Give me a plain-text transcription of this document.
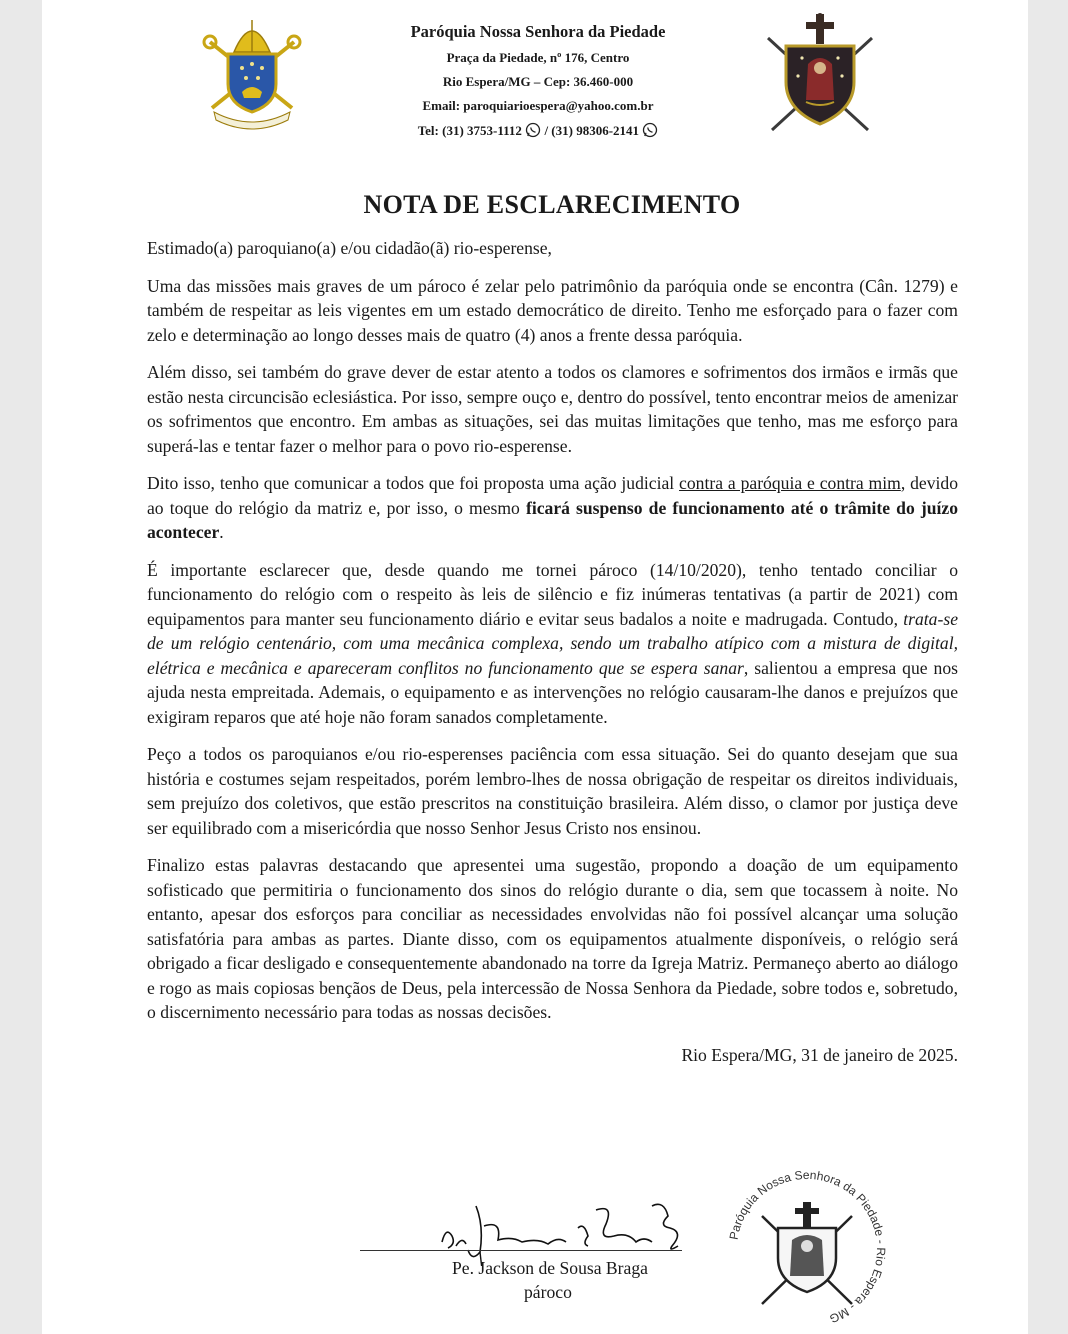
Paróquia Nossa Senhora da Piedade
Praça da Piedade, nº 176, Centro
Rio Espera/MG – Cep: 36.460-000
Email: paroquiarioespera@yahoo.com.br
Tel: (31) 3753-1112 / (31) 98306-2141
NOTA DE ESCLARECIMENTO

Estimado(a) paroquiano(a) e/ou cidadão(ã) rio-esperense,

Uma das missões mais graves de um pároco é zelar pelo patrimônio da paróquia onde se encontra (Cân. 1279) e também de respeitar as leis vigentes em um estado democrático de direito. Tenho me esforçado para o fazer com zelo e determinação ao longo desses mais de quatro (4) anos a frente dessa paróquia.

Além disso, sei também do grave dever de estar atento a todos os clamores e sofrimentos dos irmãos e irmãs que estão nesta circuncisão eclesiástica. Por isso, sempre ouço e, dentro do possível, tento encontrar meios de amenizar os sofrimentos que encontro. Em ambas as situações, sei das muitas limitações que tenho, mas me esforço para superá-las e tentar fazer o melhor para o povo rio-esperense.

Dito isso, tenho que comunicar a todos que foi proposta uma ação judicial contra a paróquia e contra mim, devido ao toque do relógio da matriz e, por isso, o mesmo ficará suspenso de funcionamento até o trâmite do juízo acontecer.

É importante esclarecer que, desde quando me tornei pároco (14/10/2020), tenho tentado conciliar o funcionamento do relógio com o respeito às leis de silêncio e fiz inúmeras tentativas (a partir de 2021) com equipamentos para manter seu funcionamento diário e evitar seus badalos a noite e madrugada. Contudo, trata-se de um relógio centenário, com uma mecânica complexa, sendo um trabalho atípico com a mistura de digital, elétrica e mecânica e apareceram conflitos no funcionamento que se espera sanar, salientou a empresa que nos ajuda nesta empreitada. Ademais, o equipamento e as intervenções no relógio causaram-lhe danos e prejuízos que exigiram reparos que até hoje não foram sanados completamente.

Peço a todos os paroquianos e/ou rio-esperenses paciência com essa situação. Sei do quanto desejam que sua história e costumes sejam respeitados, porém lembro-lhes de nossa obrigação de respeitar os direitos individuais, sem prejuízo dos coletivos, que estão prescritos na constituição brasileira. Além disso, o clamor por justiça deve ser equilibrado com a misericórdia que nosso Senhor Jesus Cristo nos ensinou.

Finalizo estas palavras destacando que apresentei uma sugestão, propondo a doação de um equipamento sofisticado que permitiria o funcionamento dos sinos do relógio durante o dia, sem que tocassem à noite. No entanto, apesar dos esforços para conciliar as necessidades envolvidas não foi possível alcançar uma solução satisfatória para ambas as partes. Diante disso, com os equipamentos atualmente disponíveis, o relógio será obrigado a ficar desligado e consequentemente abandonado na torre da Igreja Matriz. Permaneço aberto ao diálogo e rogo as mais copiosas bençãos de Deus, pela intercessão de Nossa Senhora da Piedade, sobre todos e, sobretudo, o discernimento necessário para todas as nossas decisões.

Rio Espera/MG, 31 de janeiro de 2025.
Pe. Jackson de Sousa Braga
pároco
Paróquia Nossa Senhora da Piedade - Rio Espera - MG
